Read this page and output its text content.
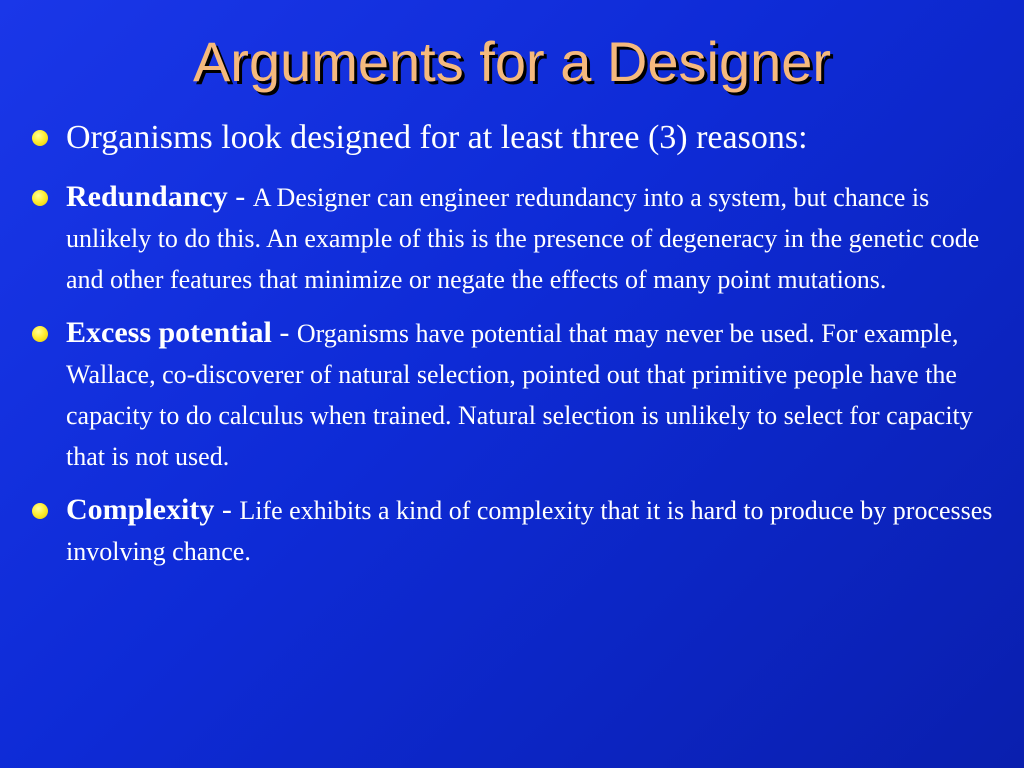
Arguments for a Designer
Organisms look designed for at least three (3) reasons:
Redundancy - A Designer can engineer redundancy into a system, but chance is unlikely to do this. An example of this is the presence of degeneracy in the genetic code and other features that minimize or negate the effects of many point mutations.
Excess potential - Organisms have potential that may never be used. For example, Wallace, co-discoverer of natural selection, pointed out that primitive people have the capacity to do calculus when trained. Natural selection is unlikely to select for capacity that is not used.
Complexity - Life exhibits a kind of complexity that it is hard to produce by processes involving chance.
